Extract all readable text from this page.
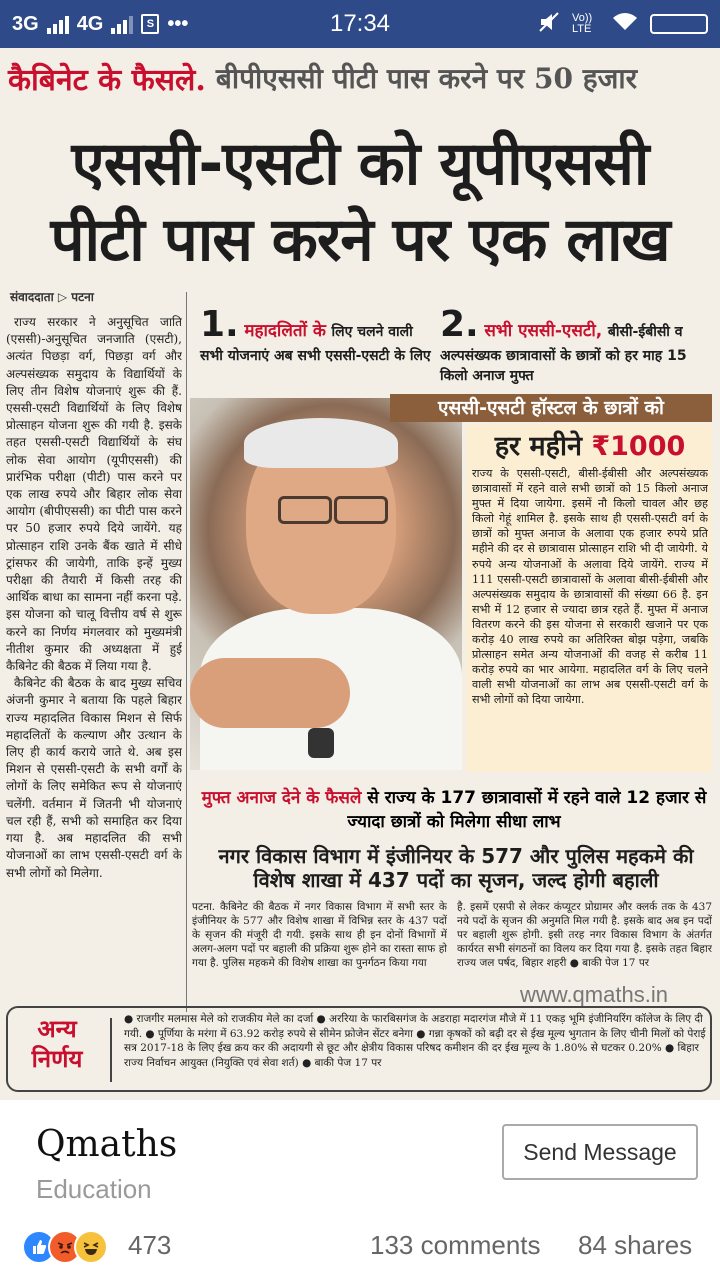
3G 4G	S •••	17:34	Vo)) LTE
कैबिनेट के फैसले. बीपीएससी पीटी पास करने पर 50 हजार
एससी-एसटी को यूपीएससी
पीटी पास करने पर एक लाख
संवाददाता ▷ पटना

राज्य सरकार ने अनुसूचित जाति (एससी)-अनुसूचित जनजाति (एसटी), अत्यंत पिछड़ा वर्ग, पिछड़ा वर्ग और अल्पसंख्यक समुदाय के विद्यार्थियों के लिए तीन विशेष योजनाएं शुरू की हैं. एससी-एसटी विद्यार्थियों के लिए विशेष प्रोत्साहन योजना शुरू की गयी है. इसके तहत एससी-एसटी विद्यार्थियों के संघ लोक सेवा आयोग (यूपीएससी) की प्रारंभिक परीक्षा (पीटी) पास करने पर एक लाख रुपये और बिहार लोक सेवा आयोग (बीपीएससी) का पीटी पास करने पर 50 हजार रुपये दिये जायेंगे. यह प्रोत्साहन राशि उनके बैंक खाते में सीधे ट्रांसफर की जायेगी, ताकि इन्हें मुख्य परीक्षा की तैयारी में किसी तरह की आर्थिक बाधा का सामना नहीं करना पड़े. इस योजना को चालू वित्तीय वर्ष से शुरू करने का निर्णय मंगलवार को मुख्यमंत्री नीतीश कुमार की अध्यक्षता में हुई कैबिनेट की बैठक में लिया गया है.

कैबिनेट की बैठक के बाद मुख्य सचिव अंजनी कुमार ने बताया कि पहले बिहार राज्य महादलित विकास मिशन से सिर्फ महादलितों के कल्याण और उत्थान के लिए ही कार्य कराये जाते थे. अब इस मिशन से एससी-एसटी के सभी वर्गों के लोगों के लिए समेकित रूप से योजनाएं चलेंगी. वर्तमान में जितनी भी योजनाएं चल रही हैं, सभी को समाहित कर दिया गया है. अब महादलित की सभी योजनाओं का लाभ एससी-एसटी वर्ग के सभी लोगों को मिलेगा.

1. महादलितों के लिए चलने वाली सभी योजनाएं अब सभी एससी-एसटी के लिए
2. सभी एससी-एसटी, बीसी-ईबीसी व अल्पसंख्यक छात्रावासों के छात्रों को हर माह 15 किलो अनाज मुफ्त
एससी-एसटी हॉस्टल के छात्रों को
हर महीने ₹1000
राज्य के एससी-एसटी, बीसी-ईबीसी और अल्पसंख्यक छात्रावासों में रहने वाले सभी छात्रों को 15 किलो अनाज मुफ्त में दिया जायेगा. इसमें नौ किलो चावल और छह किलो गेहूं शामिल है. इसके साथ ही एससी-एसटी वर्ग के छात्रों को मुफ्त अनाज के अलावा एक हजार रुपये प्रति महीने की दर से छात्रावास प्रोत्साहन राशि भी दी जायेगी. ये रुपये अन्य योजनाओं के अलावा दिये जायेंगे. राज्य में 111 एससी-एसटी छात्रावासों के अलावा बीसी-ईबीसी और अल्पसंख्यक समुदाय के छात्रावासों की संख्या 66 है. इन सभी में 12 हजार से ज्यादा छात्र रहते हैं. मुफ्त में अनाज वितरण करने की इस योजना से सरकारी खजाने पर एक करोड़ 40 लाख रुपये का अतिरिक्त बोझ पड़ेगा, जबकि प्रोत्साहन समेत अन्य योजनाओं की वजह से करीब 11 करोड़ रुपये का भार आयेगा. महादलित वर्ग के लिए चलने वाली सभी योजनाओं का लाभ अब एससी-एसटी वर्ग के सभी लोगों को दिया जायेगा.
मुफ्त अनाज देने के फैसले से राज्य के 177 छात्रावासों में रहने वाले 12 हजार से ज्यादा छात्रों को मिलेगा सीधा लाभ
नगर विकास विभाग में इंजीनियर के 577 और पुलिस महकमे की विशेष शाखा में 437 पदों का सृजन, जल्द होगी बहाली
पटना. कैबिनेट की बैठक में नगर विकास विभाग में सभी स्तर के इंजीनियर के 577 और विशेष शाखा में विभिन्न स्तर के 437 पदों के सृजन की मंजूरी दी गयी. इसके साथ ही इन दोनों विभागों में अलग-अलग पदों पर बहाली की प्रक्रिया शुरू होने का रास्ता साफ हो गया है. पुलिस महकमे की विशेष शाखा का पुनर्गठन किया गया
है. इसमें एसपी से लेकर कंप्यूटर प्रोग्रामर और क्लर्क तक के 437 नये पदों के सृजन की अनुमति मिल गयी है. इसके बाद अब इन पदों पर बहाली शुरू होगी. इसी तरह नगर विकास विभाग के अंतर्गत कार्यरत सभी संगठनों का विलय कर दिया गया है. इसके तहत बिहार राज्य जल पर्षद, बिहार शहरी ● बाकी पेज 17 पर
www.qmaths.in
अन्य
निर्णय
● राजगीर मलमास मेले को राजकीय मेले का दर्जा ● अररिया के फारबिसगंज के अडराहा मदारगंज मौजे में 11 एकड़ भूमि इंजीनियरिंग कॉलेज के लिए दी गयी. ● पूर्णिया के मरंगा में 63.92 करोड़ रुपये से सीमेन फ्रोजेन सेंटर बनेगा ● गन्ना कृषकों को बढ़ी दर से ईख मूल्य भुगतान के लिए चीनी मिलों को पेराई सत्र 2017-18 के लिए ईख क्रय कर की अदायगी से छूट और क्षेत्रीय विकास परिषद कमीशन की दर ईख मूल्य के 1.80% से घटकर 0.20% ● बिहार राज्य निर्वाचन आयुक्त (नियुक्ति एवं सेवा शर्त) ● बाकी पेज 17 पर
Qmaths
Education
Send Message
473	133 comments 84 shares
